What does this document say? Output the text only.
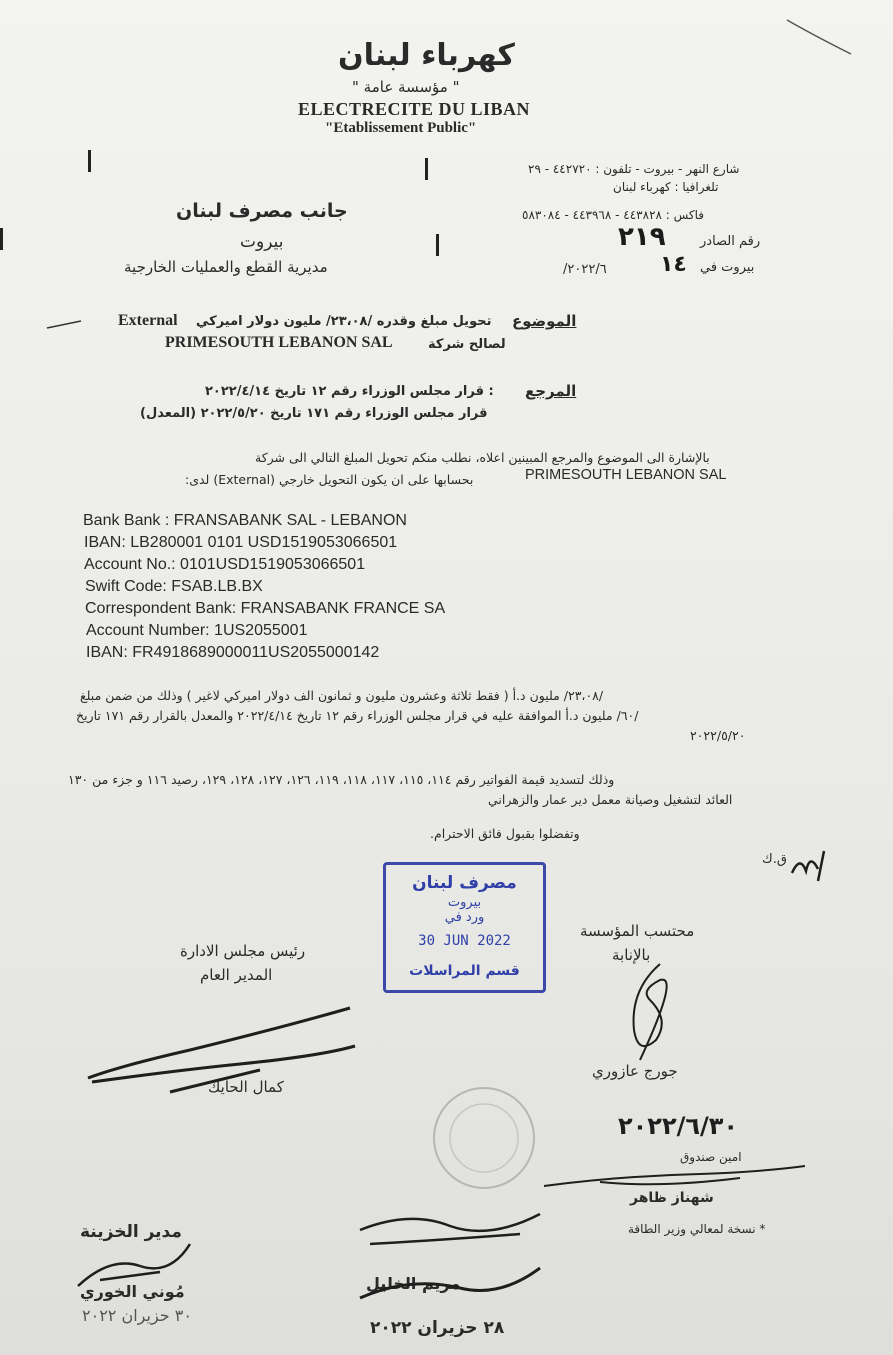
كهرباء لبنان
" مؤسسة عامة "
ELECTRECITE DU LIBAN
"Etablissement Public"
شارع النهر - بيروت - تلفون : ٤٤٢٧٢٠ - ٢٩
تلغرافيا : كهرباء لبنان
فاكس : ٤٤٣٨٢٨ - ٤٤٣٩٦٨ - ٥٨٣٠٨٤
رقم الصادر
٢١٩
بيروت في
١٤
٢٠٢٢/٦/
جانب مصرف لبنان
بيروت
مديرية القطع والعمليات الخارجية
الموضوع
تحويل مبلغ وقدره /٢٣،٠٨/ مليون دولار اميركي
External
لصالح شركة
PRIMESOUTH LEBANON SAL
المرجع
: قرار مجلس الوزراء رقم ١٢ تاريخ ٢٠٢٢/٤/١٤
قرار مجلس الوزراء رقم ١٧١ تاريخ ٢٠٢٢/٥/٢٠ (المعدل)
بالإشارة الى الموضوع والمرجع المبينين اعلاه، نطلب منكم تحويل المبلغ التالي الى شركة
بحسابها على ان يكون التحويل خارجي (External) لدى:	PRIMESOUTH LEBANON SAL
Bank Bank : FRANSABANK SAL - LEBANON
IBAN: LB280001 0101 USD1519053066501
Account No.: 0101USD1519053066501
Swift Code: FSAB.LB.BX
Correspondent Bank: FRANSABANK FRANCE SA
Account Number: 1US2055001
IBAN: FR4918689000011US2055000142
/٢٣،٠٨/ مليون د.أ ( فقط ثلاثة وعشرون مليون و ثمانون الف دولار اميركي لاغير ) وذلك من ضمن مبلغ
/٦٠/ مليون د.أ الموافقة عليه في قرار مجلس الوزراء رقم ١٢ تاريخ ٢٠٢٢/٤/١٤ والمعدل بالقرار رقم ١٧١ تاريخ
٢٠٢٢/٥/٢٠
وذلك لتسديد قيمة الفواتير رقم ١١٤، ١١٥، ١١٧، ١١٨، ١١٩، ١٢٦، ١٢٧، ١٢٨، ١٢٩، رصيد ١١٦ و جزء من ١٣٠
العائد لتشغيل وصيانة معمل دير عمار والزهراني
وتفضلوا بقبول فائق الاحترام.
ق.ك
مصرف لبنان
بيروت
ورد في
30 JUN 2022
قسم المراسلات
رئيس مجلس الادارة
المدير العام
كمال الحايك
محتسب المؤسسة
بالإنابة
جورج عازوري
٢٠٢٢/٦/٣٠
امين صندوق
شهناز ظاهر
* نسخة لمعالي وزير الطاقة
مدير الخزينة
مُوني الخوري
٣٠ حزيران ٢٠٢٢
مريم الخليل
٢٨ حزيران ٢٠٢٢
